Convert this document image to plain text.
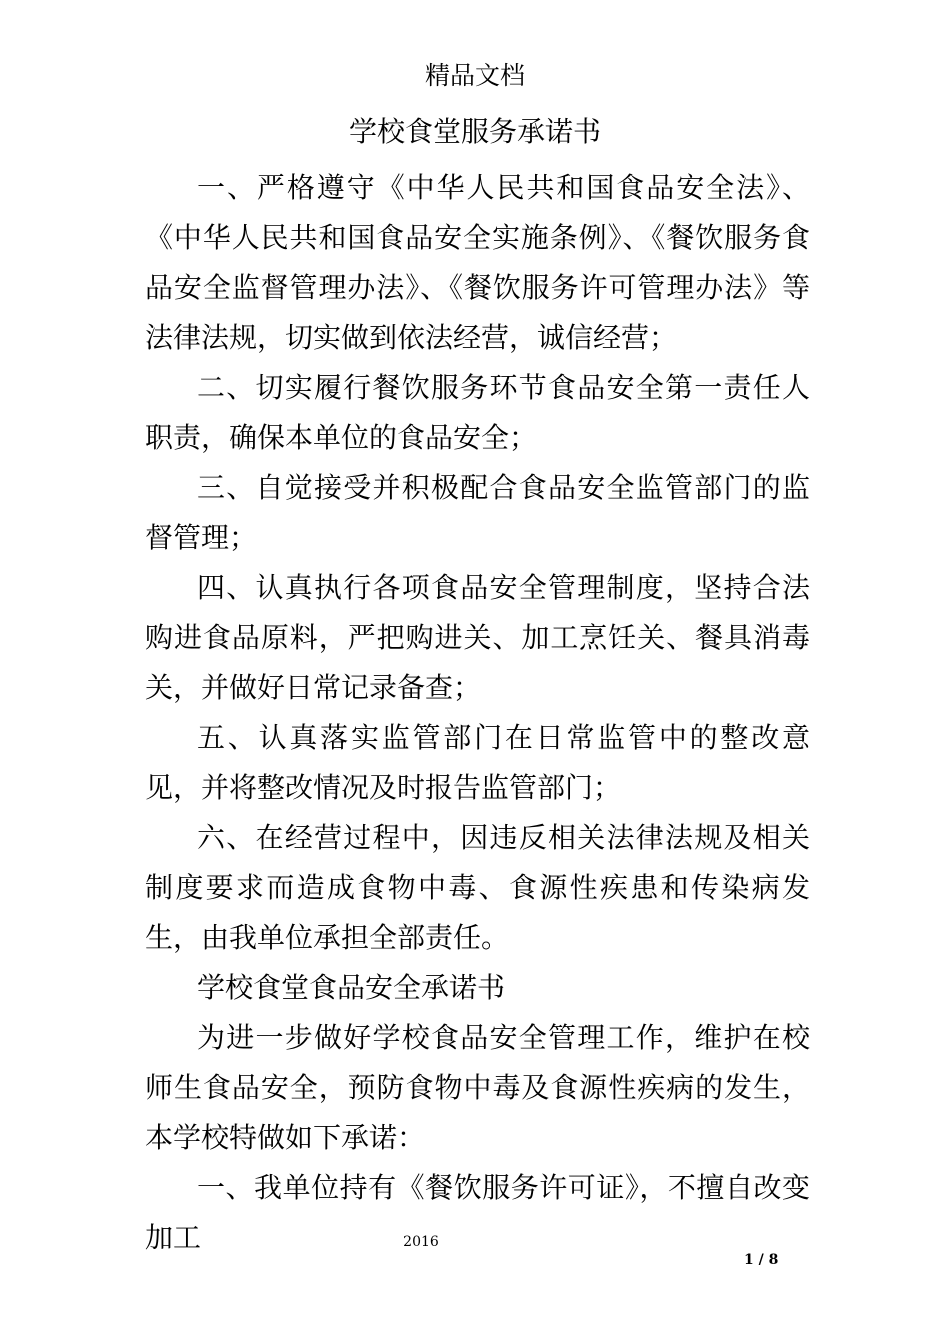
精品文档
学校食堂服务承诺书

一、严格遵守《中华人民共和国食品安全法》、《中华人民共和国食品安全实施条例》、《餐饮服务食品安全监督管理办法》、《餐饮服务许可管理办法》等法律法规，切实做到依法经营，诚信经营；

二、切实履行餐饮服务环节食品安全第一责任人职责，确保本单位的食品安全；

三、自觉接受并积极配合食品安全监管部门的监督管理；

四、认真执行各项食品安全管理制度，坚持合法购进食品原料，严把购进关、加工烹饪关、餐具消毒关，并做好日常记录备查；

五、认真落实监管部门在日常监管中的整改意见，并将整改情况及时报告监管部门；

六、在经营过程中，因违反相关法律法规及相关制度要求而造成食物中毒、食源性疾患和传染病发生，由我单位承担全部责任。

学校食堂食品安全承诺书

为进一步做好学校食品安全管理工作，维护在校师生食品安全，预防食物中毒及食源性疾病的发生，本学校特做如下承诺：

一、我单位持有《餐饮服务许可证》，不擅自改变加工	2016
1 / 8
